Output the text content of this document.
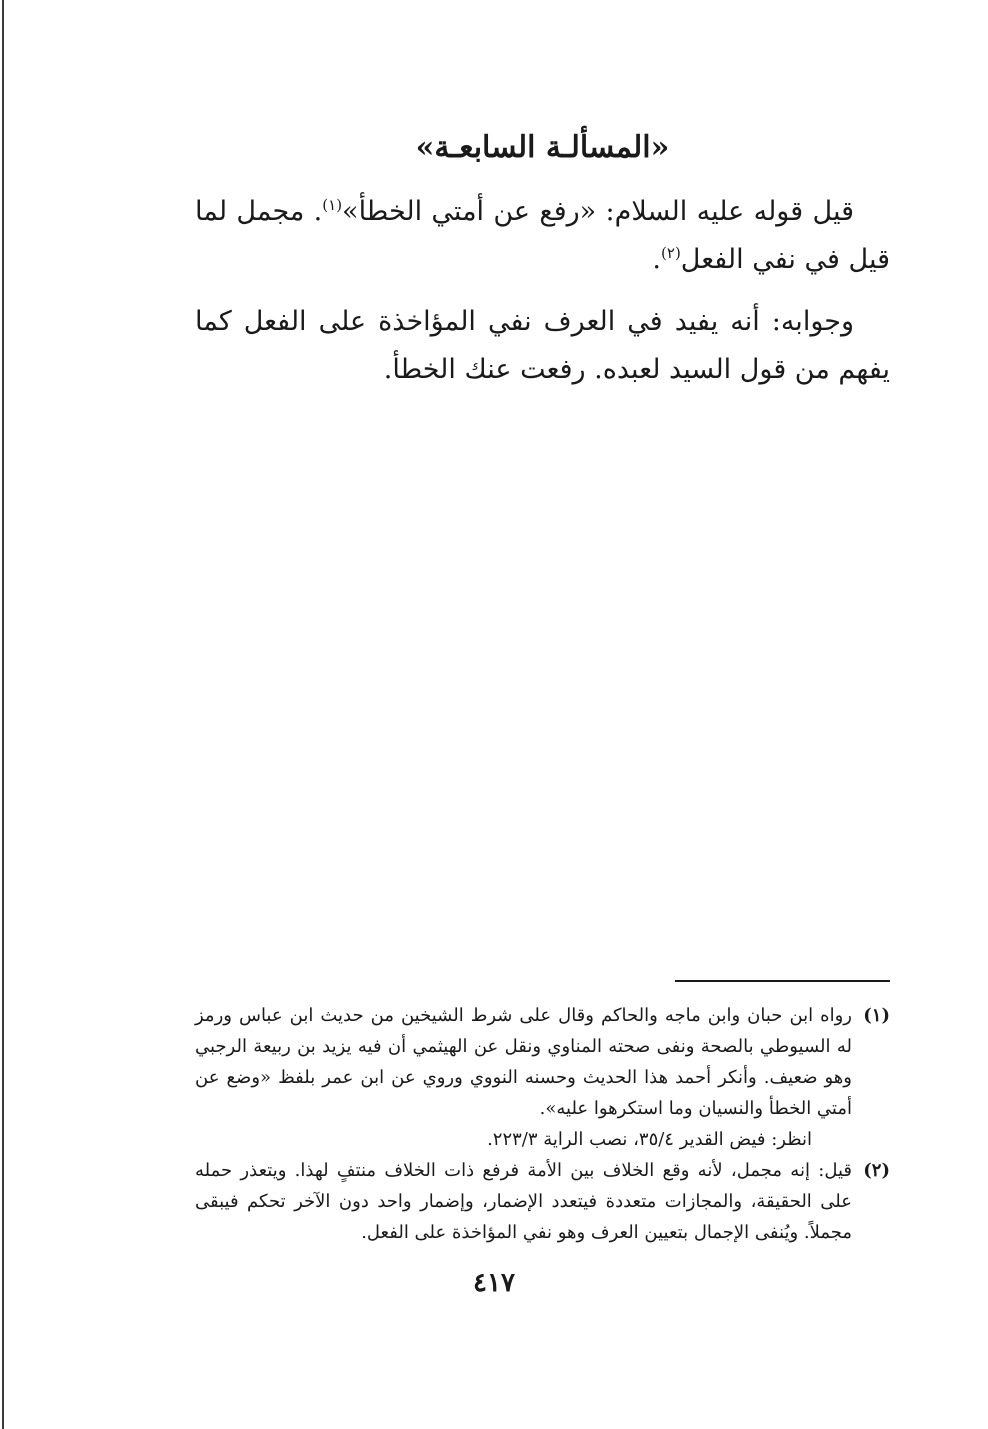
«المسألـة السابعـة»

قيل قوله عليه السلام: «رفع عن أمتي الخطأ»$^{(١)}$. مجمل لما قيل في نفي الفعل$^{(٢)}$.

وجوابه: أنه يفيد في العرف نفي المؤاخذة على الفعل كما يفهم من قول السيد لعبده. رفعت عنك الخطأ.

(١)
رواه ابن حبان وابن ماجه والحاكم وقال على شرط الشيخين من حديث ابن عباس ورمز له السيوطي بالصحة ونفى صحته المناوي ونقل عن الهيثمي أن فيه يزيد بن ربيعة الرجبي وهو ضعيف. وأنكر أحمد هذا الحديث وحسنه النووي وروي عن ابن عمر بلفظ «وضع عن أمتي الخطأ والنسيان وما استكرهوا عليه».

انظر: فيض القدير ٣٥/٤، نصب الراية ٢٢٣/٣.

(٢)
قيل: إنه مجمل، لأنه وقع الخلاف بين الأمة فرفع ذات الخلاف منتفٍ لهذا. ويتعذر حمله على الحقيقة، والمجازات متعددة فيتعدد الإضمار، وإضمار واحد دون الآخر تحكم فيبقى مجملاً. ويُنفى الإجمال بتعيين العرف وهو نفي المؤاخذة على الفعل.

٤١٧
